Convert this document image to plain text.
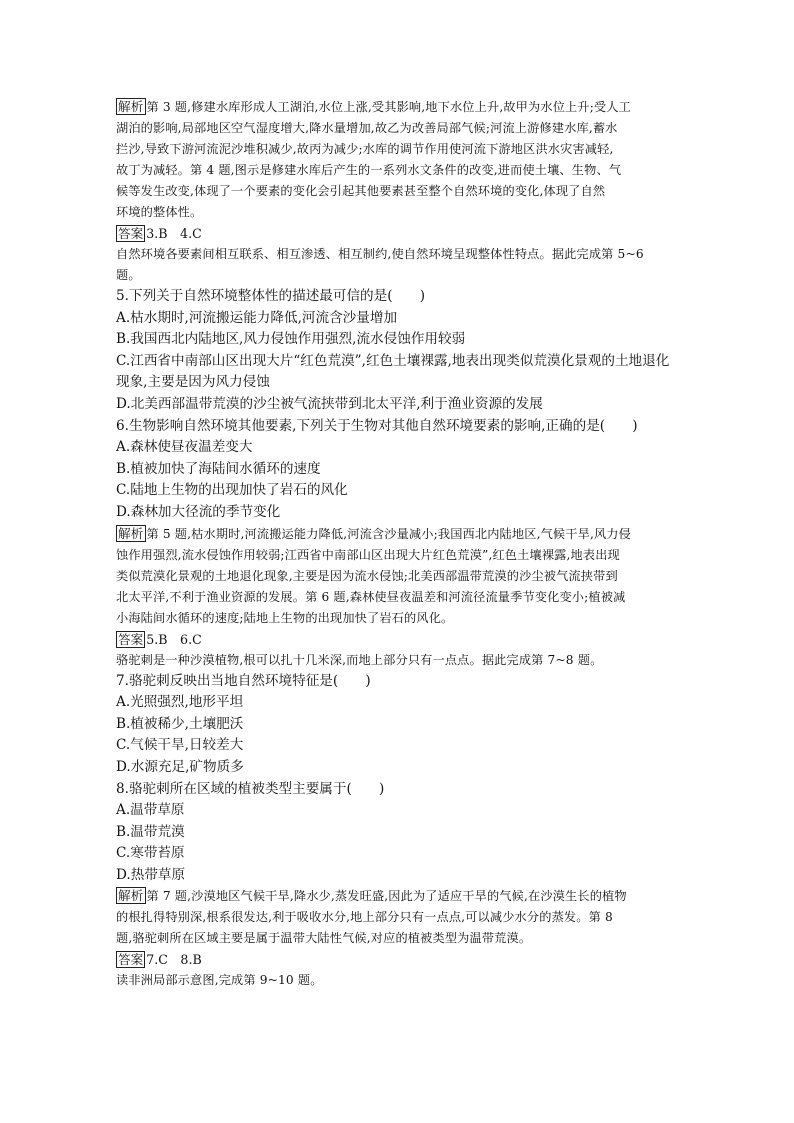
解析 第 3 题,修建水库形成人工湖泊,水位上涨,受其影响,地下水位上升,故甲为水位上升;受人工
湖泊的影响,局部地区空气湿度增大,降水量增加,故乙为改善局部气候;河流上游修建水库,蓄水
拦沙,导致下游河流泥沙堆积减少,故丙为减少;水库的调节作用使河流下游地区洪水灾害减轻,
故丁为减轻。第 4 题,图示是修建水库后产生的一系列水文条件的改变,进而使土壤、生物、气
候等发生改变,体现了一个要素的变化会引起其他要素甚至整个自然环境的变化,体现了自然
环境的整体性。
答案 3.B　4.C
自然环境各要素间相互联系、相互渗透、相互制约,使自然环境呈现整体性特点。据此完成第 5~6
题。
5.下列关于自然环境整体性的描述最可信的是(　　)
A.枯水期时,河流搬运能力降低,河流含沙量增加
B.我国西北内陆地区,风力侵蚀作用强烈,流水侵蚀作用较弱
C.江西省中南部山区出现大片“红色荒漠”,红色土壤裸露,地表出现类似荒漠化景观的土地退化
现象,主要是因为风力侵蚀
D.北美西部温带荒漠的沙尘被气流挟带到北太平洋,利于渔业资源的发展
6.生物影响自然环境其他要素,下列关于生物对其他自然环境要素的影响,正确的是(　　)
A.森林使昼夜温差变大
B.植被加快了海陆间水循环的速度
C.陆地上生物的出现加快了岩石的风化
D.森林加大径流的季节变化
解析 第 5 题,枯水期时,河流搬运能力降低,河流含沙量减小;我国西北内陆地区,气候干旱,风力侵
蚀作用强烈,流水侵蚀作用较弱;江西省中南部山区出现大片红色荒漠”,红色土壤裸露,地表出现
类似荒漠化景观的土地退化现象,主要是因为流水侵蚀;北美西部温带荒漠的沙尘被气流挟带到
北太平洋,不利于渔业资源的发展。第 6 题,森林使昼夜温差和河流径流量季节变化变小;植被减
小海陆间水循环的速度;陆地上生物的出现加快了岩石的风化。
答案 5.B　6.C
骆驼刺是一种沙漠植物,根可以扎十几米深,而地上部分只有一点点。据此完成第 7~8 题。
7.骆驼刺反映出当地自然环境特征是(　　)
A.光照强烈,地形平坦
B.植被稀少,土壤肥沃
C.气候干旱,日较差大
D.水源充足,矿物质多
8.骆驼刺所在区域的植被类型主要属于(　　)
A.温带草原
B.温带荒漠
C.寒带苔原
D.热带草原
解析 第 7 题,沙漠地区气候干旱,降水少,蒸发旺盛,因此为了适应干旱的气候,在沙漠生长的植物
的根扎得特别深,根系很发达,利于吸收水分,地上部分只有一点点,可以减少水分的蒸发。第 8
题,骆驼刺所在区域主要是属于温带大陆性气候,对应的植被类型为温带荒漠。
答案 7.C　8.B
读非洲局部示意图,完成第 9~10 题。
